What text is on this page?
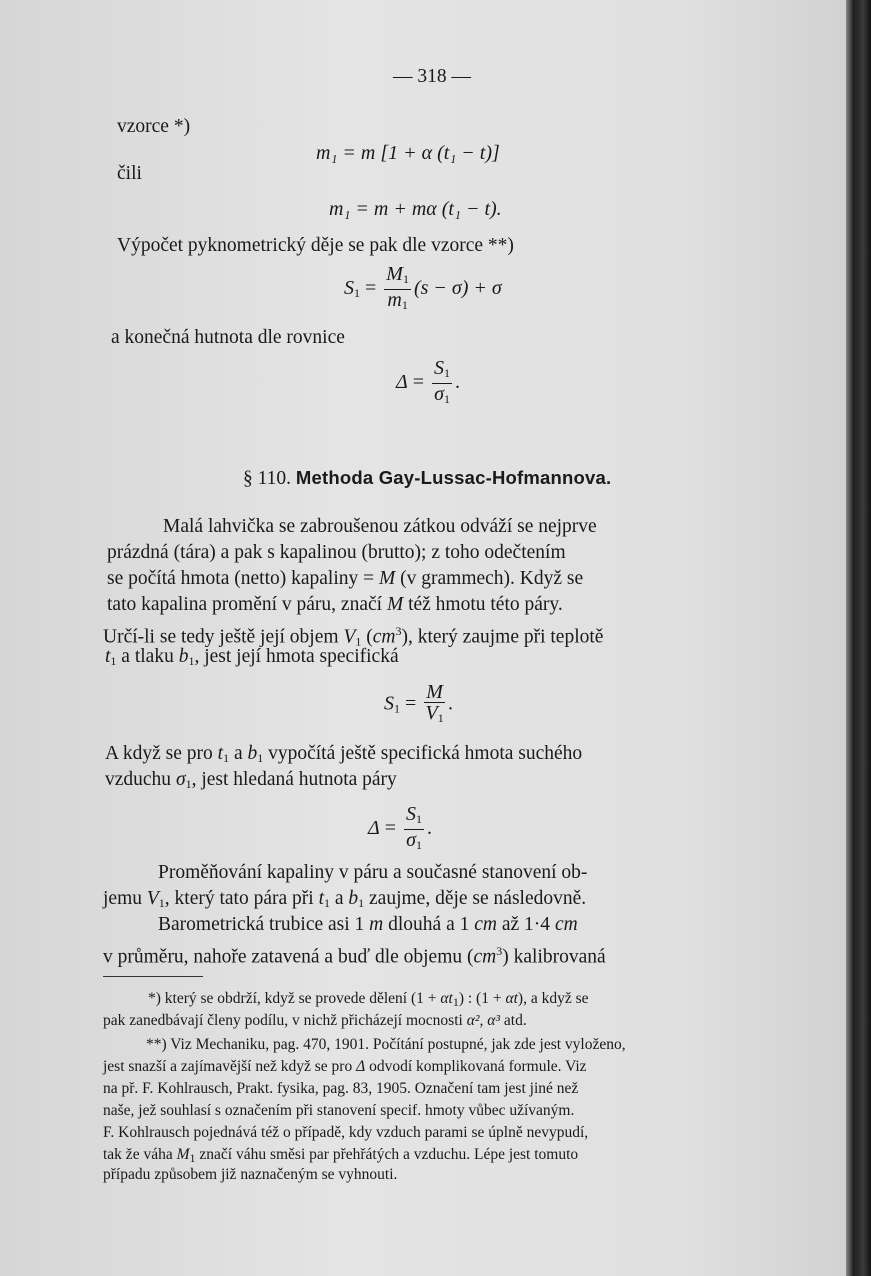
— 318 —
vzorce *)
m₁ = m [1 + α (t₁ − t)]
čili
m₁ = m + mα (t₁ − t).
Výpočet pyknometrický děje se pak dle vzorce **)
$S_1 = \frac{M_1}{m_1} (s - \sigma) + \sigma$
a konečná hutnota dle rovnice
$\Delta = \frac{S_1}{\sigma_1}$ .
§ 110. Methoda Gay-Lussac-Hofmannova.
Malá lahvička se zabroušenou zátkou odváží se nejprve
prázdná (tára) a pak s kapalinou (brutto); z toho odečtením
se počítá hmota (netto) kapaliny = M (v grammech). Když se
tato kapalina promění v páru, značí M též hmotu této páry.
Určí-li se tedy ještě její objem $V_1$ $(cm^3)$, který zaujme při teplotě
$t_1$ a tlaku $b_1$, jest její hmota specifická
$S_1 = \frac{M}{V_1}$ .
A když se pro $t_1$ a $b_1$ vypočítá ještě specifická hmota suchého
vzduchu $\sigma_1$, jest hledaná hutnota páry
$\Delta = \frac{S_1}{\sigma_1}$ .
Proměňování kapaliny v páru a současné stanovení ob-
jemu $V_1$, který tato pára při $t_1$ a $b_1$ zaujme, děje se následovně.
Barometrická trubice asi 1 m dlouhá a 1 cm až 1·4 cm
v průměru, nahoře zatavená a buď dle objemu $(cm^3)$ kalibrovaná
*) který se obdrží, když se provede dělení $(1 + \alpha t_1)$ : (1 + αt), a když se
pak zanedbávají členy podílu, v nichž přicházejí mocnosti α², α³ atd.
**) Viz Mechaniku, pag. 470, 1901. Počítání postupné, jak zde jest vyloženo,
jest snazší a zajímavější než když se pro Δ odvodí komplikovaná formule. Viz
na př. F. Kohlrausch, Prakt. fysika, pag. 83, 1905. Označení tam jest jiné než
naše, jež souhlasí s označením při stanovení specif. hmoty vůbec užívaným.
F. Kohlrausch pojednává též o případě, kdy vzduch parami se úplně nevypudí,
tak že váha $M_1$ značí váhu směsi par přehřátých a vzduchu. Lépe jest tomuto
případu způsobem již naznačeným se vyhnouti.
